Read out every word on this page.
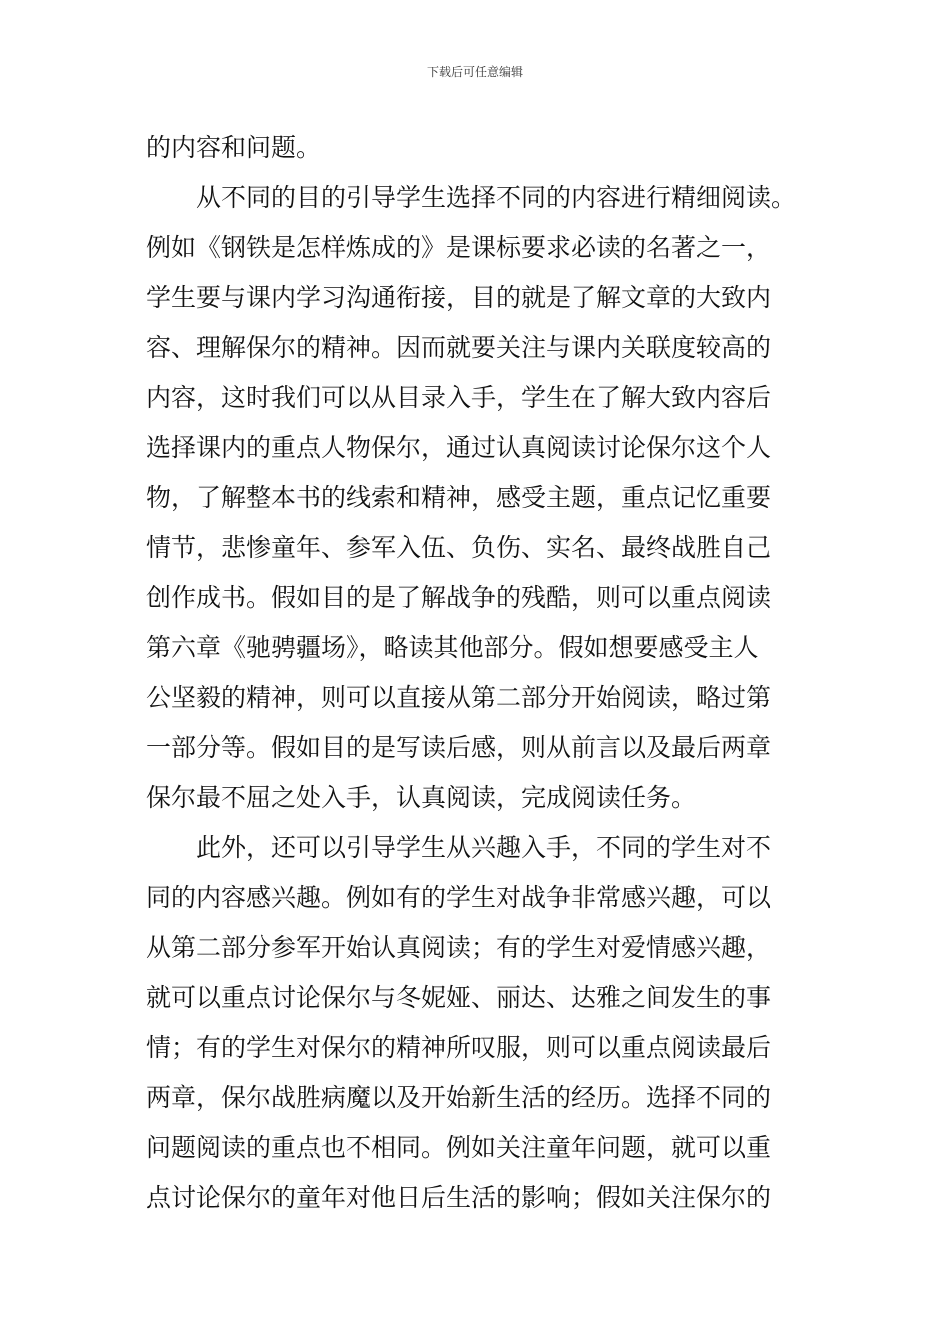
下载后可任意编辑
的内容和问题。
从不同的目的引导学生选择不同的内容进行精细阅读。
例如《钢铁是怎样炼成的》是课标要求必读的名著之一，
学生要与课内学习沟通衔接，目的就是了解文章的大致内
容、理解保尔的精神。因而就要关注与课内关联度较高的
内容，这时我们可以从目录入手，学生在了解大致内容后
选择课内的重点人物保尔，通过认真阅读讨论保尔这个人
物，了解整本书的线索和精神，感受主题，重点记忆重要
情节，悲惨童年、参军入伍、负伤、实名、最终战胜自己
创作成书。假如目的是了解战争的残酷，则可以重点阅读
第六章《驰骋疆场》，略读其他部分。假如想要感受主人
公坚毅的精神，则可以直接从第二部分开始阅读，略过第
一部分等。假如目的是写读后感，则从前言以及最后两章
保尔最不屈之处入手，认真阅读，完成阅读任务。
此外，还可以引导学生从兴趣入手，不同的学生对不
同的内容感兴趣。例如有的学生对战争非常感兴趣，可以
从第二部分参军开始认真阅读；有的学生对爱情感兴趣，
就可以重点讨论保尔与冬妮娅、丽达、达雅之间发生的事
情；有的学生对保尔的精神所叹服，则可以重点阅读最后
两章，保尔战胜病魔以及开始新生活的经历。选择不同的
问题阅读的重点也不相同。例如关注童年问题，就可以重
点讨论保尔的童年对他日后生活的影响；假如关注保尔的
